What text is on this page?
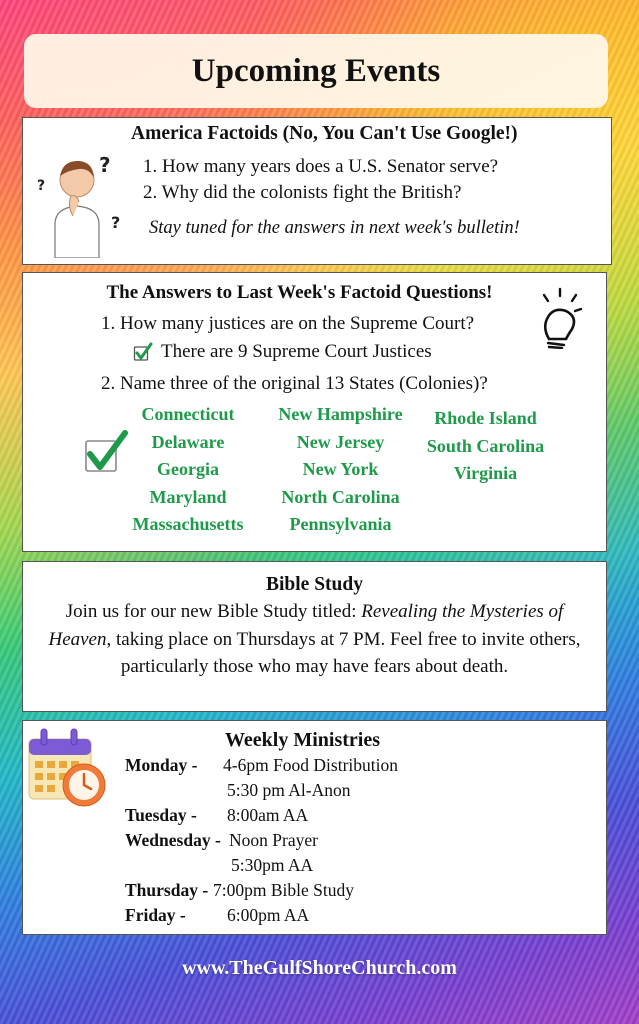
Upcoming Events
?
?
?
America Factoids (No, You Can't Use Google!)
1. How many years does a U.S. Senator serve?
2. Why did the colonists fight the British?
Stay tuned for the answers in next week's bulletin!
The Answers to Last Week's Factoid Questions!
1. How many justices are on the Supreme Court?
There are 9 Supreme Court Justices
2. Name three of the original 13 States (Colonies)?
Connecticut
Delaware
Georgia
Maryland
Massachusetts
New Hampshire
New Jersey
New York
North Carolina
Pennsylvania
Rhode Island
South Carolina
Virginia
Bible Study
Join us for our new Bible Study titled: Revealing the Mysteries of Heaven, taking place on Thursdays at 7 PM. Feel free to invite others, particularly those who may have fears about death.
Weekly Ministries
Monday - 4-6pm Food Distribution
5:30 pm Al-Anon
Tuesday - 8:00am AA
Wednesday - Noon Prayer
5:30pm AA
Thursday - 7:00pm Bible Study
Friday - 6:00pm AA
www.TheGulfShoreChurch.com
